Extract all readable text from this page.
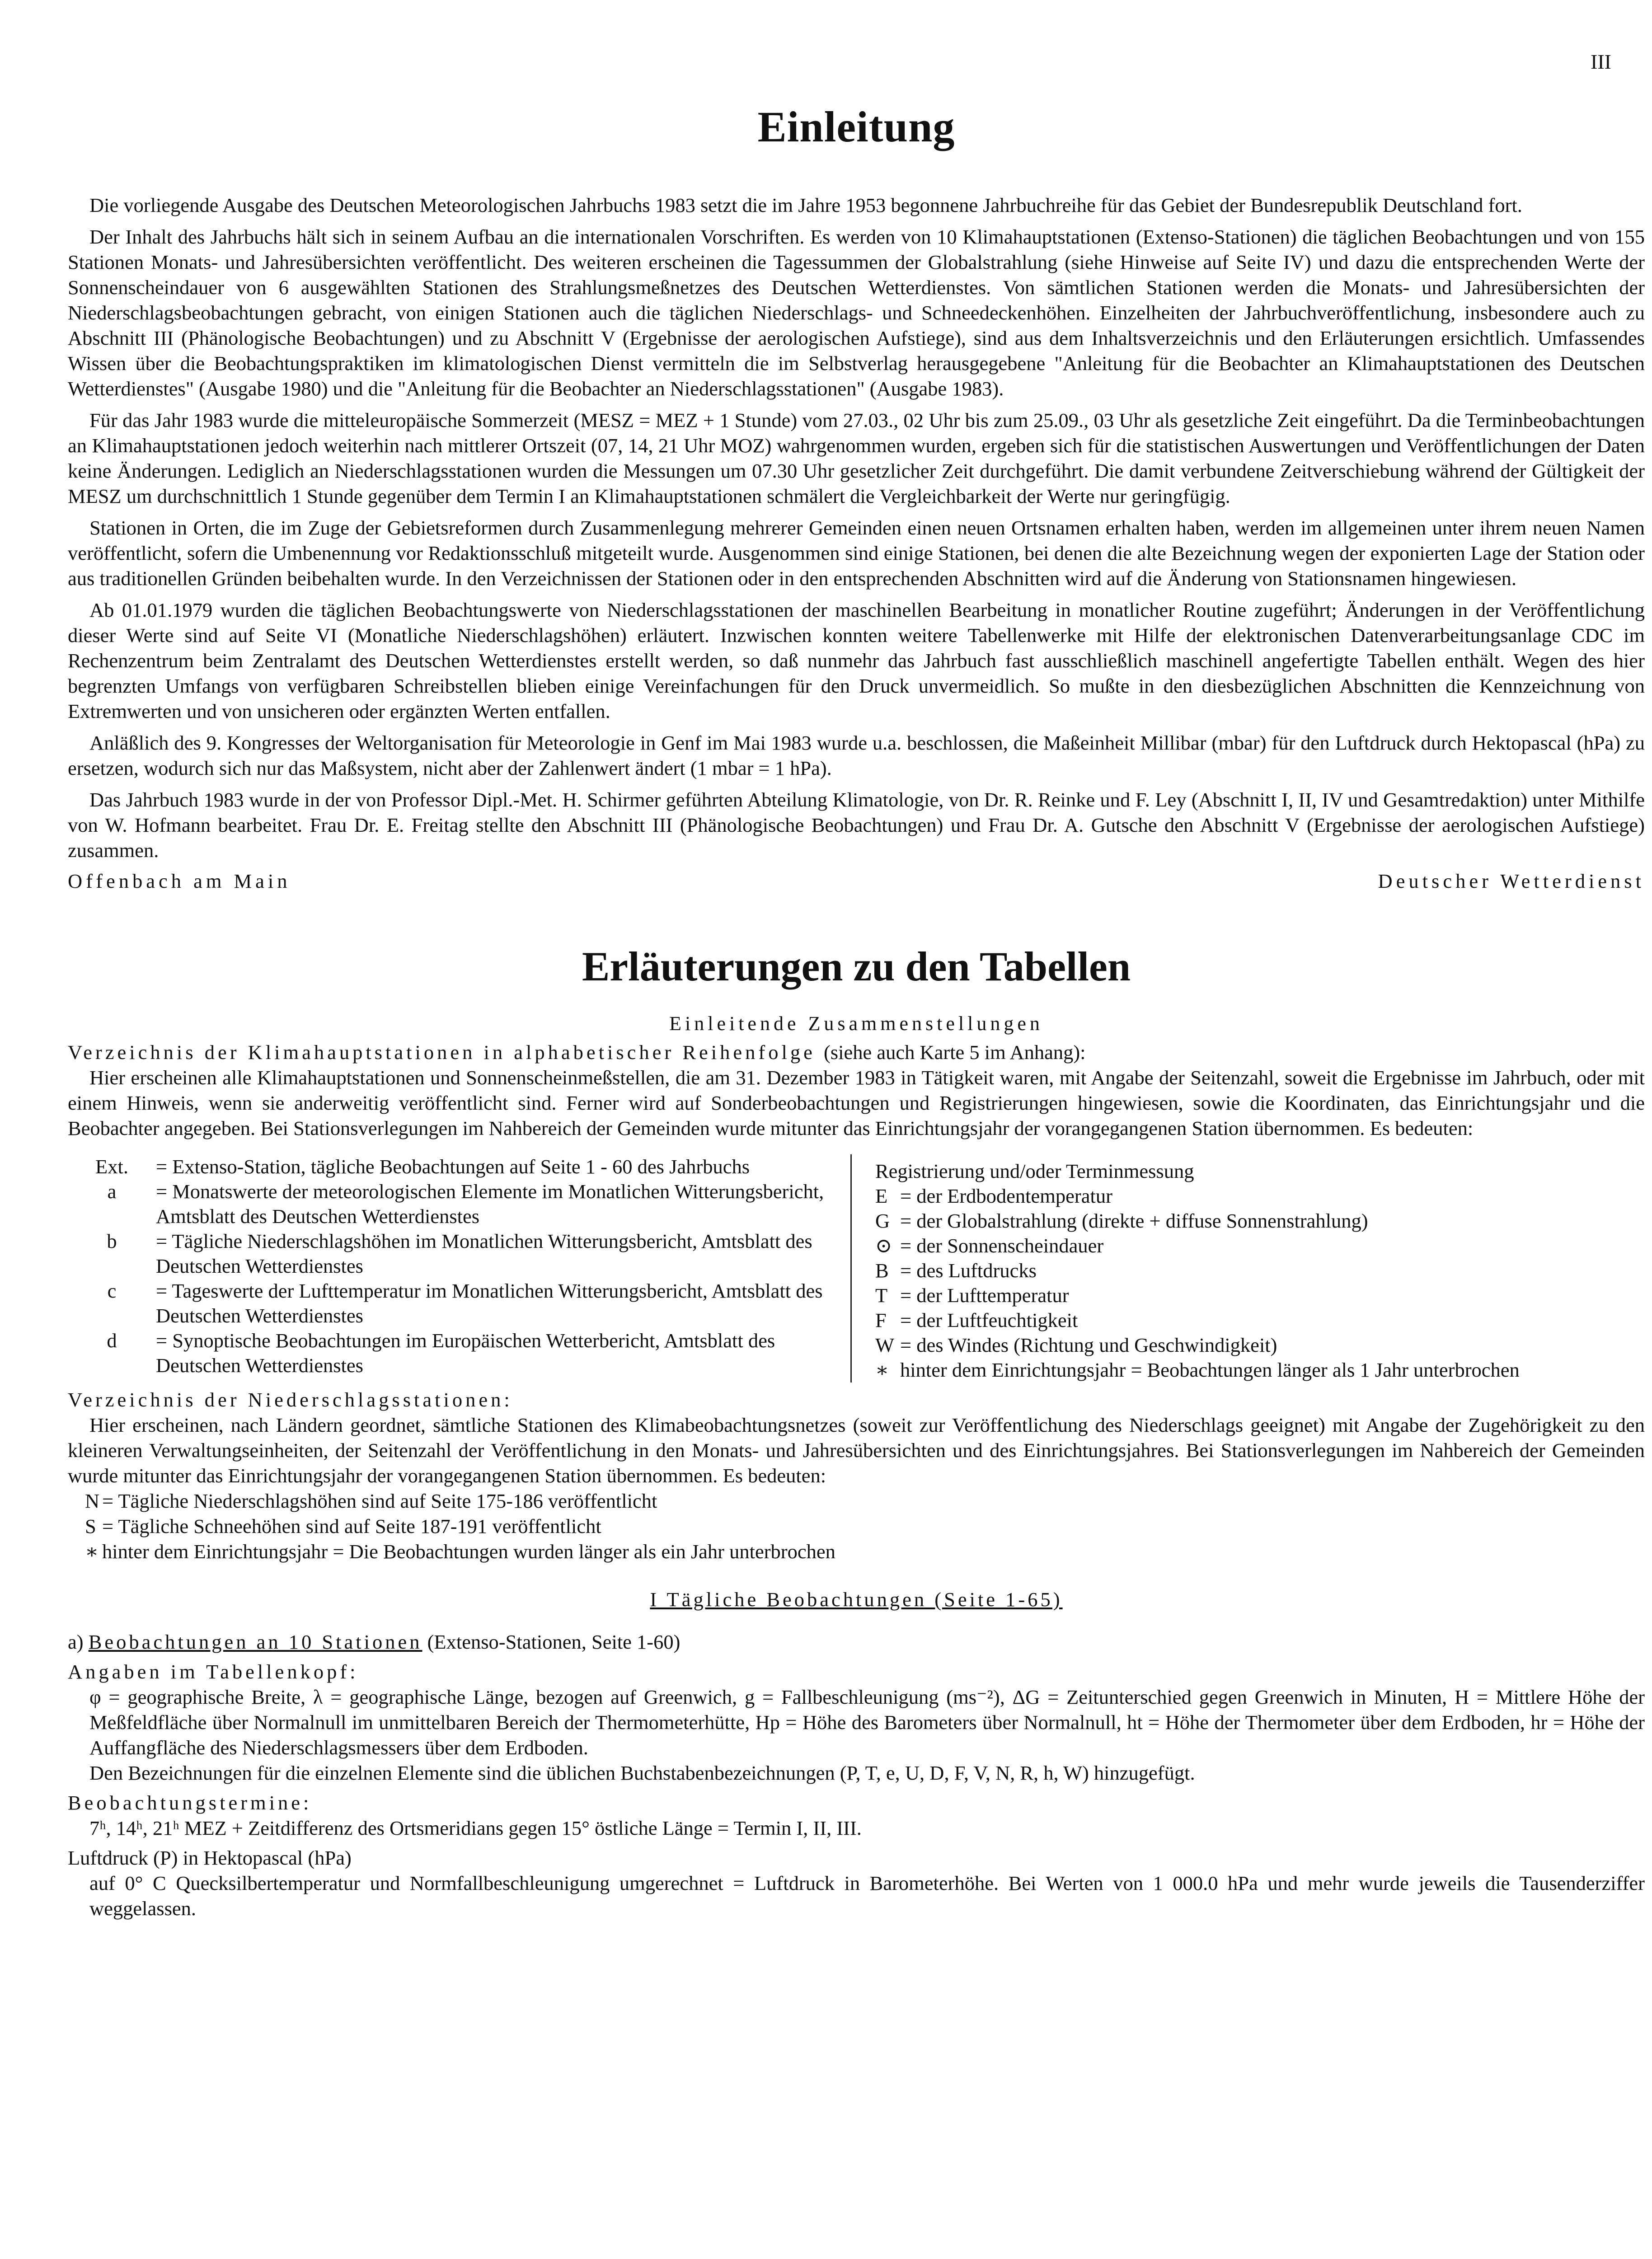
III
Einleitung

Die vorliegende Ausgabe des Deutschen Meteorologischen Jahrbuchs 1983 setzt die im Jahre 1953 begonnene Jahrbuchreihe für das Gebiet der Bundesrepublik Deutschland fort.

Der Inhalt des Jahrbuchs hält sich in seinem Aufbau an die internationalen Vorschriften. Es werden von 10 Klimahauptstationen (Extenso-Stationen) die täglichen Beobachtungen und von 155 Stationen Monats- und Jahresübersichten veröffentlicht. Des weiteren erscheinen die Tagessummen der Globalstrahlung (siehe Hinweise auf Seite IV) und dazu die entsprechenden Werte der Sonnenscheindauer von 6 ausgewählten Stationen des Strahlungsmeßnetzes des Deutschen Wetterdienstes. Von sämtlichen Stationen werden die Monats- und Jahresübersichten der Niederschlagsbeobachtungen gebracht, von einigen Stationen auch die täglichen Niederschlags- und Schneedeckenhöhen. Einzelheiten der Jahrbuchveröffentlichung, insbesondere auch zu Abschnitt III (Phänologische Beobachtungen) und zu Abschnitt V (Ergebnisse der aerologischen Aufstiege), sind aus dem Inhaltsverzeichnis und den Erläuterungen ersichtlich. Umfassendes Wissen über die Beobachtungspraktiken im klimatologischen Dienst vermitteln die im Selbstverlag herausgegebene "Anleitung für die Beobachter an Klimahauptstationen des Deutschen Wetterdienstes" (Ausgabe 1980) und die "Anleitung für die Beobachter an Niederschlagsstationen" (Ausgabe 1983).

Für das Jahr 1983 wurde die mitteleuropäische Sommerzeit (MESZ = MEZ + 1 Stunde) vom 27.03., 02 Uhr bis zum 25.09., 03 Uhr als gesetzliche Zeit eingeführt. Da die Terminbeobachtungen an Klimahauptstationen jedoch weiterhin nach mittlerer Ortszeit (07, 14, 21 Uhr MOZ) wahrgenommen wurden, ergeben sich für die statistischen Auswertungen und Veröffentlichungen der Daten keine Änderungen. Lediglich an Niederschlagsstationen wurden die Messungen um 07.30 Uhr gesetzlicher Zeit durchgeführt. Die damit verbundene Zeitverschiebung während der Gültigkeit der MESZ um durchschnittlich 1 Stunde gegenüber dem Termin I an Klimahauptstationen schmälert die Vergleichbarkeit der Werte nur geringfügig.

Stationen in Orten, die im Zuge der Gebietsreformen durch Zusammenlegung mehrerer Gemeinden einen neuen Ortsnamen erhalten haben, werden im allgemeinen unter ihrem neuen Namen veröffentlicht, sofern die Umbenennung vor Redaktionsschluß mitgeteilt wurde. Ausgenommen sind einige Stationen, bei denen die alte Bezeichnung wegen der exponierten Lage der Station oder aus traditionellen Gründen beibehalten wurde. In den Verzeichnissen der Stationen oder in den entsprechenden Abschnitten wird auf die Änderung von Stationsnamen hingewiesen.

Ab 01.01.1979 wurden die täglichen Beobachtungswerte von Niederschlagsstationen der maschinellen Bearbeitung in monatlicher Routine zugeführt; Änderungen in der Veröffentlichung dieser Werte sind auf Seite VI (Monatliche Niederschlagshöhen) erläutert. Inzwischen konnten weitere Tabellenwerke mit Hilfe der elektronischen Datenverarbeitungsanlage CDC im Rechenzentrum beim Zentralamt des Deutschen Wetterdienstes erstellt werden, so daß nunmehr das Jahrbuch fast ausschließlich maschinell angefertigte Tabellen enthält. Wegen des hier begrenzten Umfangs von verfügbaren Schreibstellen blieben einige Vereinfachungen für den Druck unvermeidlich. So mußte in den diesbezüglichen Abschnitten die Kennzeichnung von Extremwerten und von unsicheren oder ergänzten Werten entfallen.

Anläßlich des 9. Kongresses der Weltorganisation für Meteorologie in Genf im Mai 1983 wurde u.a. beschlossen, die Maßeinheit Millibar (mbar) für den Luftdruck durch Hektopascal (hPa) zu ersetzen, wodurch sich nur das Maßsystem, nicht aber der Zahlenwert ändert (1 mbar = 1 hPa).

Das Jahrbuch 1983 wurde in der von Professor Dipl.-Met. H. Schirmer geführten Abteilung Klimatologie, von Dr. R. Reinke und F. Ley (Abschnitt I, II, IV und Gesamtredaktion) unter Mithilfe von W. Hofmann bearbeitet. Frau Dr. E. Freitag stellte den Abschnitt III (Phänologische Beobachtungen) und Frau Dr. A. Gutsche den Abschnitt V (Ergebnisse der aerologischen Aufstiege) zusammen.

Offenbach am Main	Deutscher Wetterdienst
Erläuterungen zu den Tabellen
Einleitende Zusammenstellungen

Verzeichnis der Klimahauptstationen in alphabetischer Reihenfolge (siehe auch Karte 5 im Anhang):

Hier erscheinen alle Klimahauptstationen und Sonnenscheinmeßstellen, die am 31. Dezember 1983 in Tätigkeit waren, mit Angabe der Seitenzahl, soweit die Ergebnisse im Jahrbuch, oder mit einem Hinweis, wenn sie anderweitig veröffentlicht sind. Ferner wird auf Sonderbeobachtungen und Registrierungen hingewiesen, sowie die Koordinaten, das Einrichtungsjahr und die Beobachter angegeben. Bei Stationsverlegungen im Nahbereich der Gemeinden wurde mitunter das Einrichtungsjahr der vorangegangenen Station übernommen. Es bedeuten:

Ext.	= Extenso-Station, tägliche Beobachtungen auf Seite 1 - 60 des Jahrbuchs
a	= Monatswerte der meteorologischen Elemente im Monatlichen Witterungsbericht, Amtsblatt des Deutschen Wetterdienstes
b	= Tägliche Niederschlagshöhen im Monatlichen Witterungsbericht, Amtsblatt des Deutschen Wetterdienstes
c	= Tageswerte der Lufttemperatur im Monatlichen Witterungsbericht, Amtsblatt des Deutschen Wetterdienstes
d	= Synoptische Beobachtungen im Europäischen Wetterbericht, Amtsblatt des Deutschen Wetterdienstes
Registrierung und/oder Terminmessung
E = der Erdbodentemperatur
G = der Globalstrahlung (direkte + diffuse Sonnenstrahlung)
⊙ = der Sonnenscheindauer
B = des Luftdrucks
T = der Lufttemperatur
F = der Luftfeuchtigkeit
W = des Windes (Richtung und Geschwindigkeit)
∗ hinter dem Einrichtungsjahr = Beobachtungen länger als 1 Jahr unterbrochen

Verzeichnis der Niederschlagsstationen:

Hier erscheinen, nach Ländern geordnet, sämtliche Stationen des Klimabeobachtungsnetzes (soweit zur Veröffentlichung des Niederschlags geeignet) mit Angabe der Zugehörigkeit zu den kleineren Verwaltungseinheiten, der Seitenzahl der Veröffentlichung in den Monats- und Jahresübersichten und des Einrichtungsjahres. Bei Stationsverlegungen im Nahbereich der Gemeinden wurde mitunter das Einrichtungsjahr der vorangegangenen Station übernommen. Es bedeuten:

N = Tägliche Niederschlagshöhen sind auf Seite 175-186 veröffentlicht
S = Tägliche Schneehöhen sind auf Seite 187-191 veröffentlicht
∗ hinter dem Einrichtungsjahr = Die Beobachtungen wurden länger als ein Jahr unterbrochen
I Tägliche Beobachtungen (Seite 1-65)

a) Beobachtungen an 10 Stationen (Extenso-Stationen, Seite 1-60)

Angaben im Tabellenkopf:

φ = geographische Breite, λ = geographische Länge, bezogen auf Greenwich, g = Fallbeschleunigung (ms⁻²), ΔG = Zeitunterschied gegen Greenwich in Minuten, H = Mittlere Höhe der Meßfeldfläche über Normalnull im unmittelbaren Bereich der Thermometerhütte, Hp = Höhe des Barometers über Normalnull, ht = Höhe der Thermometer über dem Erdboden, hr = Höhe der Auffangfläche des Niederschlagsmessers über dem Erdboden.

Den Bezeichnungen für die einzelnen Elemente sind die üblichen Buchstabenbezeichnungen (P, T, e, U, D, F, V, N, R, h, W) hinzugefügt.

Beobachtungstermine:

7ʰ, 14ʰ, 21ʰ MEZ + Zeitdifferenz des Ortsmeridians gegen 15° östliche Länge = Termin I, II, III.

Luftdruck (P) in Hektopascal (hPa)

auf 0° C Quecksilbertemperatur und Normfallbeschleunigung umgerechnet = Luftdruck in Barometerhöhe. Bei Werten von 1 000.0 hPa und mehr wurde jeweils die Tausenderziffer weggelassen.
